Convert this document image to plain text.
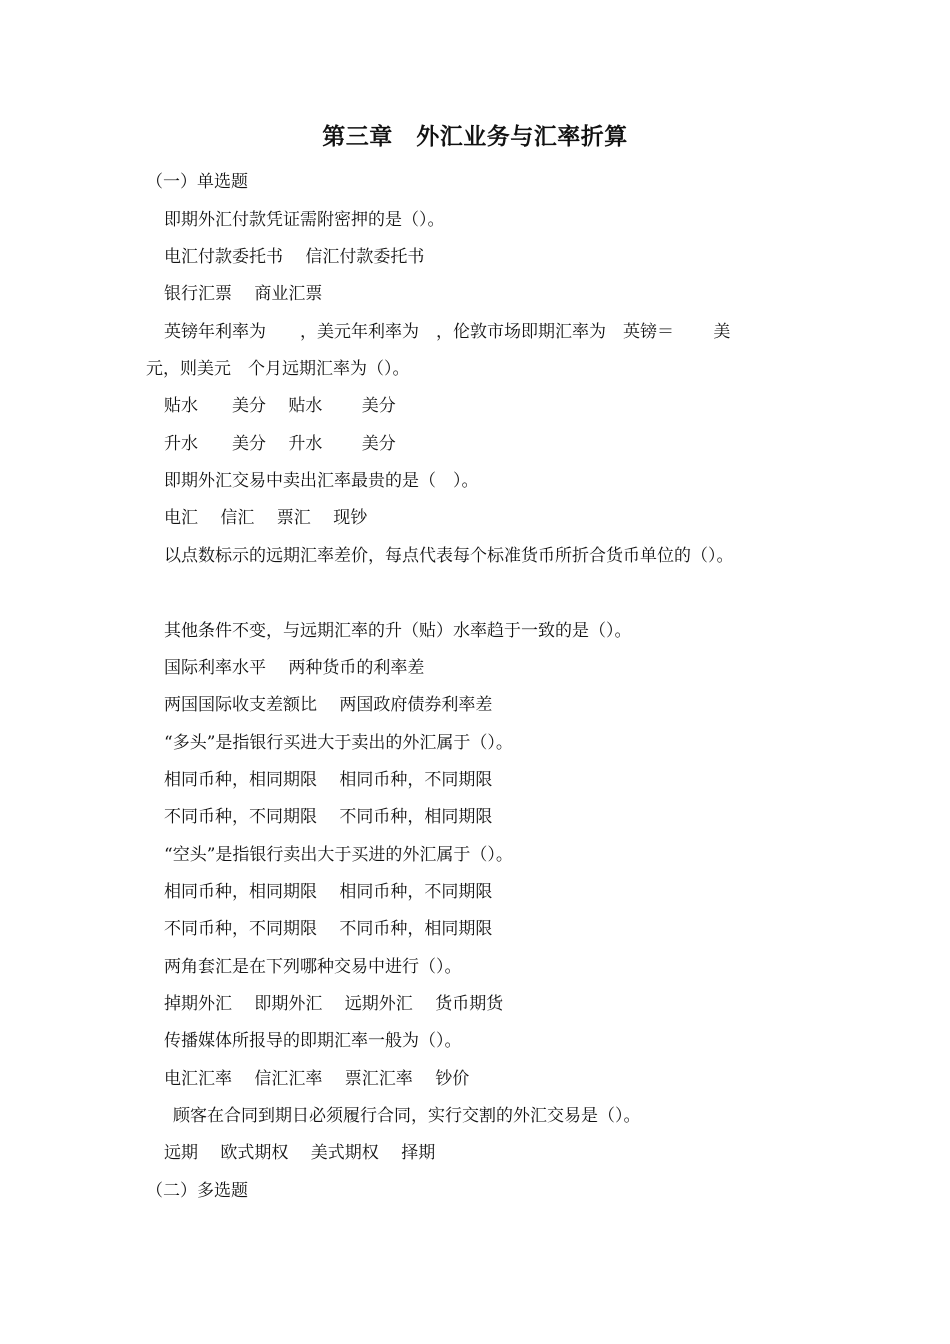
第三章　外汇业务与汇率折算
（一）单选题
即期外汇付款凭证需附密押的是（）。
电汇付款委托书　 信汇付款委托书
银行汇票　 商业汇票
英镑年利率为　　，美元年利率为　，伦敦市场即期汇率为　英镑＝　　 美
元，则美元　个月远期汇率为（）。
贴水　　美分　 贴水　　 美分
升水　　美分　 升水　　 美分
即期外汇交易中卖出汇率最贵的是（　）。
电汇　 信汇　 票汇　 现钞
以点数标示的远期汇率差价，每点代表每个标准货币所折合货币单位的（）。
其他条件不变，与远期汇率的升（贴）水率趋于一致的是（）。
国际利率水平　 两种货币的利率差
两国国际收支差额比　 两国政府债券利率差
“多头”是指银行买进大于卖出的外汇属于（）。
相同币种，相同期限　 相同币种，不同期限
不同币种，不同期限　 不同币种，相同期限
“空头”是指银行卖出大于买进的外汇属于（）。
相同币种，相同期限　 相同币种，不同期限
不同币种，不同期限　 不同币种，相同期限
两角套汇是在下列哪种交易中进行（）。
掉期外汇　 即期外汇　 远期外汇　 货币期货
传播媒体所报导的即期汇率一般为（）。
电汇汇率　 信汇汇率　 票汇汇率　 钞价
顾客在合同到期日必须履行合同，实行交割的外汇交易是（）。
远期　 欧式期权　 美式期权　 择期
（二）多选题
